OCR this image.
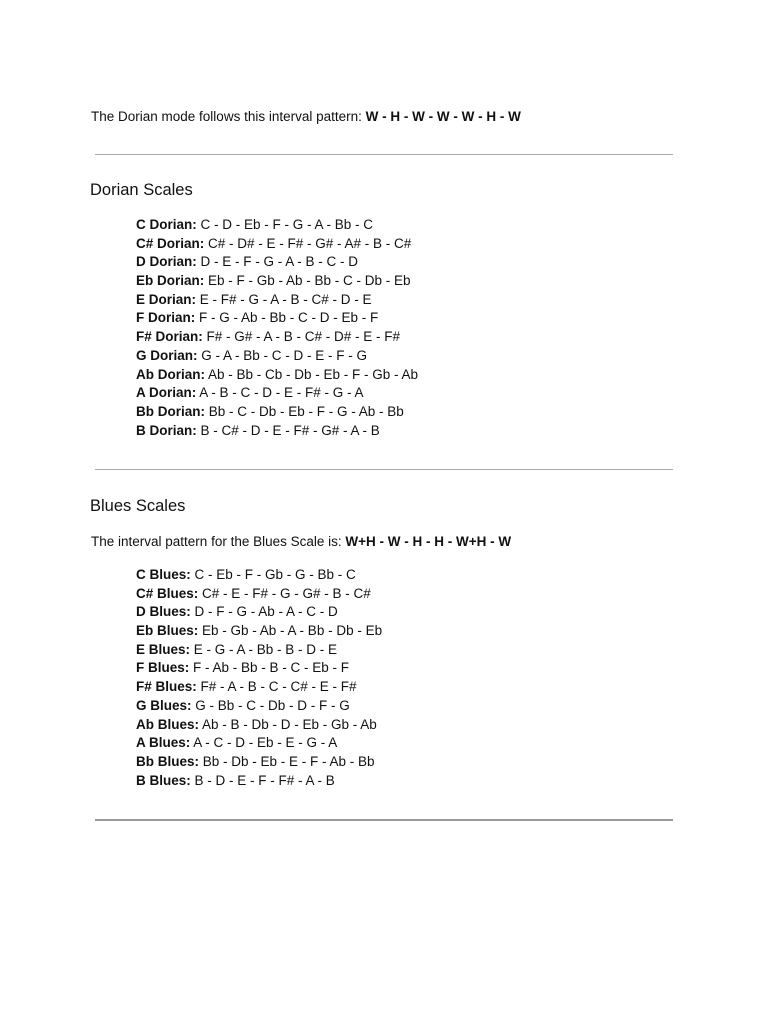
The Dorian mode follows this interval pattern: W - H - W - W - W - H - W

Dorian Scales
C Dorian: C - D - Eb - F - G - A - Bb - C
C# Dorian: C# - D# - E - F# - G# - A# - B - C#
D Dorian: D - E - F - G - A - B - C - D
Eb Dorian: Eb - F - Gb - Ab - Bb - C - Db - Eb
E Dorian: E - F# - G - A - B - C# - D - E
F Dorian: F - G - Ab - Bb - C - D - Eb - F
F# Dorian: F# - G# - A - B - C# - D# - E - F#
G Dorian: G - A - Bb - C - D - E - F - G
Ab Dorian: Ab - Bb - Cb - Db - Eb - F - Gb - Ab
A Dorian: A - B - C - D - E - F# - G - A
Bb Dorian: Bb - C - Db - Eb - F - G - Ab - Bb
B Dorian: B - C# - D - E - F# - G# - A - B
Blues Scales

The interval pattern for the Blues Scale is: W+H - W - H - H - W+H - W

C Blues: C - Eb - F - Gb - G - Bb - C
C# Blues: C# - E - F# - G - G# - B - C#
D Blues: D - F - G - Ab - A - C - D
Eb Blues: Eb - Gb - Ab - A - Bb - Db - Eb
E Blues: E - G - A - Bb - B - D - E
F Blues: F - Ab - Bb - B - C - Eb - F
F# Blues: F# - A - B - C - C# - E - F#
G Blues: G - Bb - C - Db - D - F - G
Ab Blues: Ab - B - Db - D - Eb - Gb - Ab
A Blues: A - C - D - Eb - E - G - A
Bb Blues: Bb - Db - Eb - E - F - Ab - Bb
B Blues: B - D - E - F - F# - A - B
